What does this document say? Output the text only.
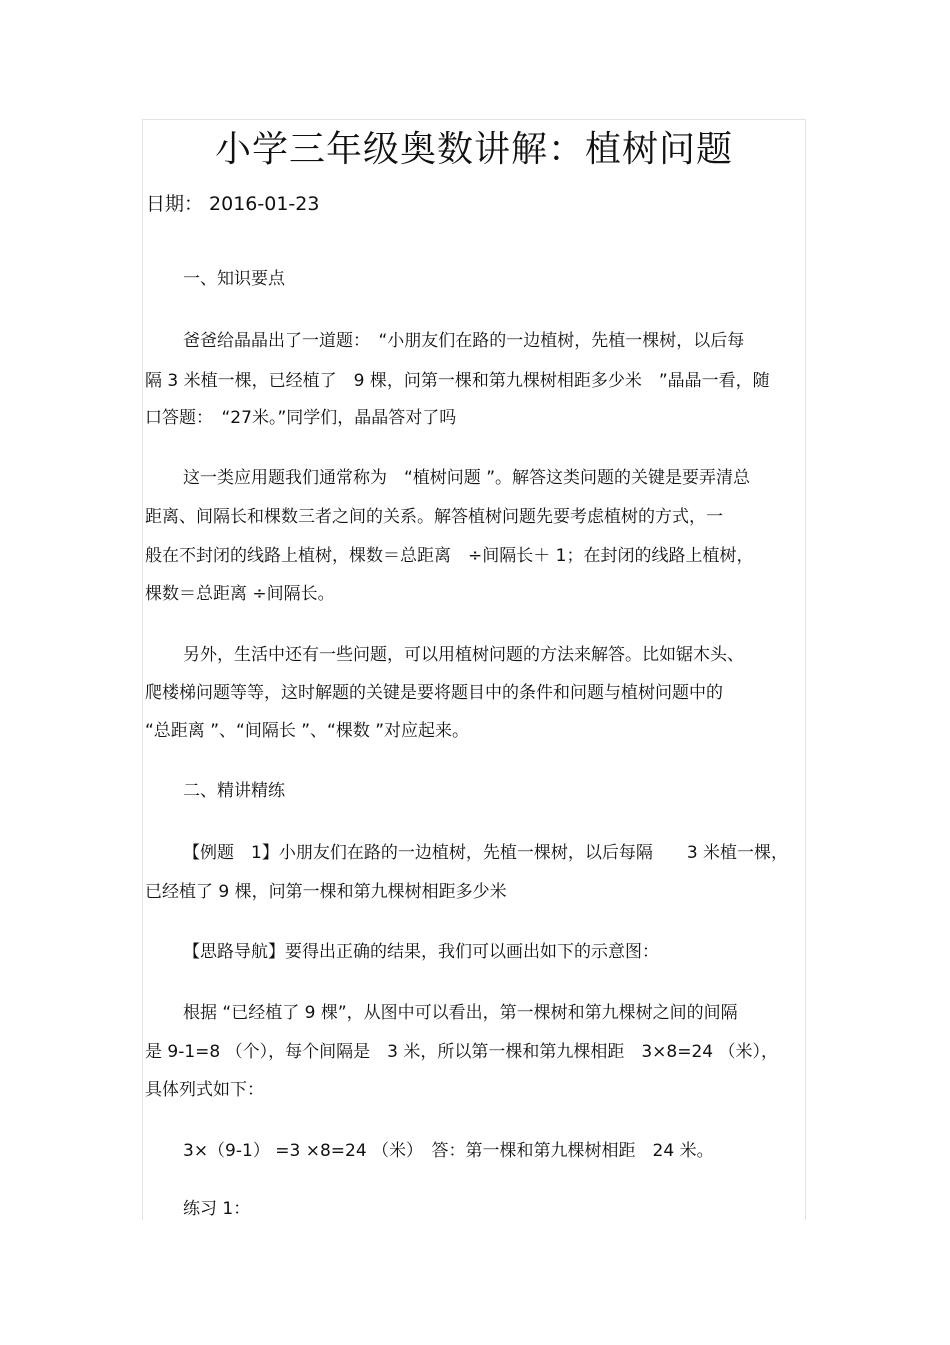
小学三年级奥数讲解：植树问题
日期： 2016-01-23
一、知识要点
爸爸给晶晶出了一道题：　“小朋友们在路的一边植树，先植一棵树，以后每
隔 3 米植一棵，已经植了　9 棵，问第一棵和第九棵树相距多少米　”晶晶一看，随
口答题：　“27米。”同学们，晶晶答对了吗
这一类应用题我们通常称为　“植树问题 ”。解答这类问题的关键是要弄清总
距离、间隔长和棵数三者之间的关系。解答植树问题先要考虑植树的方式，一
般在不封闭的线路上植树，棵数＝总距离　÷间隔长＋ 1；在封闭的线路上植树，
棵数＝总距离 ÷间隔长。
另外，生活中还有一些问题，可以用植树问题的方法来解答。比如锯木头、
爬楼梯问题等等，这时解题的关键是要将题目中的条件和问题与植树问题中的
“总距离 ”、“间隔长 ”、“棵数 ”对应起来。
二、精讲精练
【例题　1】小朋友们在路的一边植树，先植一棵树，以后每隔　　3 米植一棵，
已经植了 9 棵，问第一棵和第九棵树相距多少米
【思路导航】要得出正确的结果，我们可以画出如下的示意图：
根据 “已经植了 9 棵”，从图中可以看出，第一棵树和第九棵树之间的间隔
是 9-1=8 （个），每个间隔是　3 米，所以第一棵和第九棵相距　3×8=24 （米），
具体列式如下：
3×（9-1） =3 ×8=24 （米）　答：第一棵和第九棵树相距　24 米。
练习 1：
